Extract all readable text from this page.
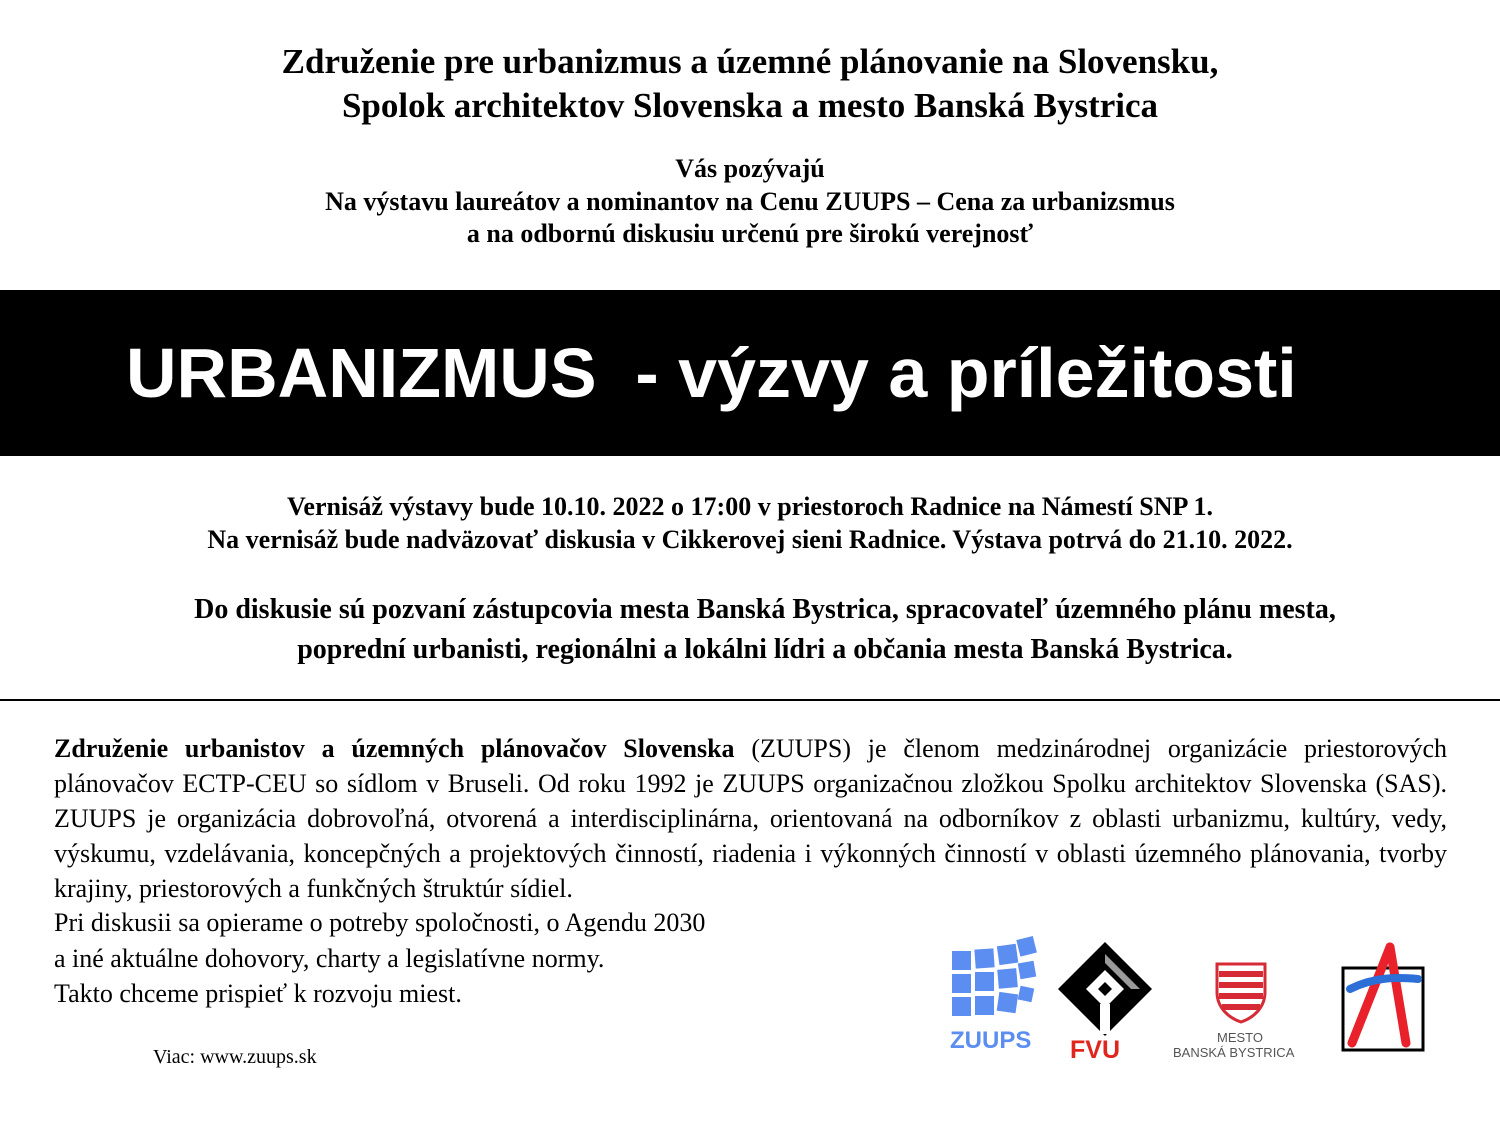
Združenie pre urbanizmus a územné plánovanie na Slovensku,

Spolok architektov Slovenska a mesto Banská Bystrica

Vás pozývajú

Na výstavu laureátov a nominantov na Cenu ZUUPS – Cena za urbanizsmus

a na odbornú diskusiu určenú pre širokú verejnosť

URBANIZMUS  - výzvy a príležitosti

Vernisáž výstavy bude 10.10. 2022 o 17:00 v priestoroch Radnice na Námestí SNP 1.

Na vernisáž bude nadväzovať diskusia v Cikkerovej sieni Radnice. Výstava potrvá do 21.10. 2022.

Do diskusie sú pozvaní zástupcovia mesta Banská Bystrica, spracovateľ územného plánu mesta,

poprední urbanisti, regionálni a lokálni lídri a občania mesta Banská Bystrica.

Združenie urbanistov a územných plánovačov Slovenska (ZUUPS) je členom medzinárodnej organizácie priestorových plánovačov ECTP-CEU so sídlom v Bruseli. Od roku 1992 je ZUUPS organizačnou zložkou Spolku architektov Slovenska (SAS). ZUUPS je organizácia dobrovoľná, otvorená a interdisciplinárna, orientovaná na odborníkov z oblasti urbanizmu, kultúry, vedy, výskumu, vzdelávania, koncepčných a projektových činností, riadenia i výkonných činností v oblasti územného plánovania, tvorby krajiny, priestorových a funkčných štruktúr sídiel.

Pri diskusii sa opierame o potreby spoločnosti, o Agendu 2030

a iné aktuálne dohovory, charty a legislatívne normy.

Takto chceme prispieť k rozvoju miest.

Viac: www.zuups.sk

ZUUPS FVU	MESTO
BANSKÁ BYSTRICA
